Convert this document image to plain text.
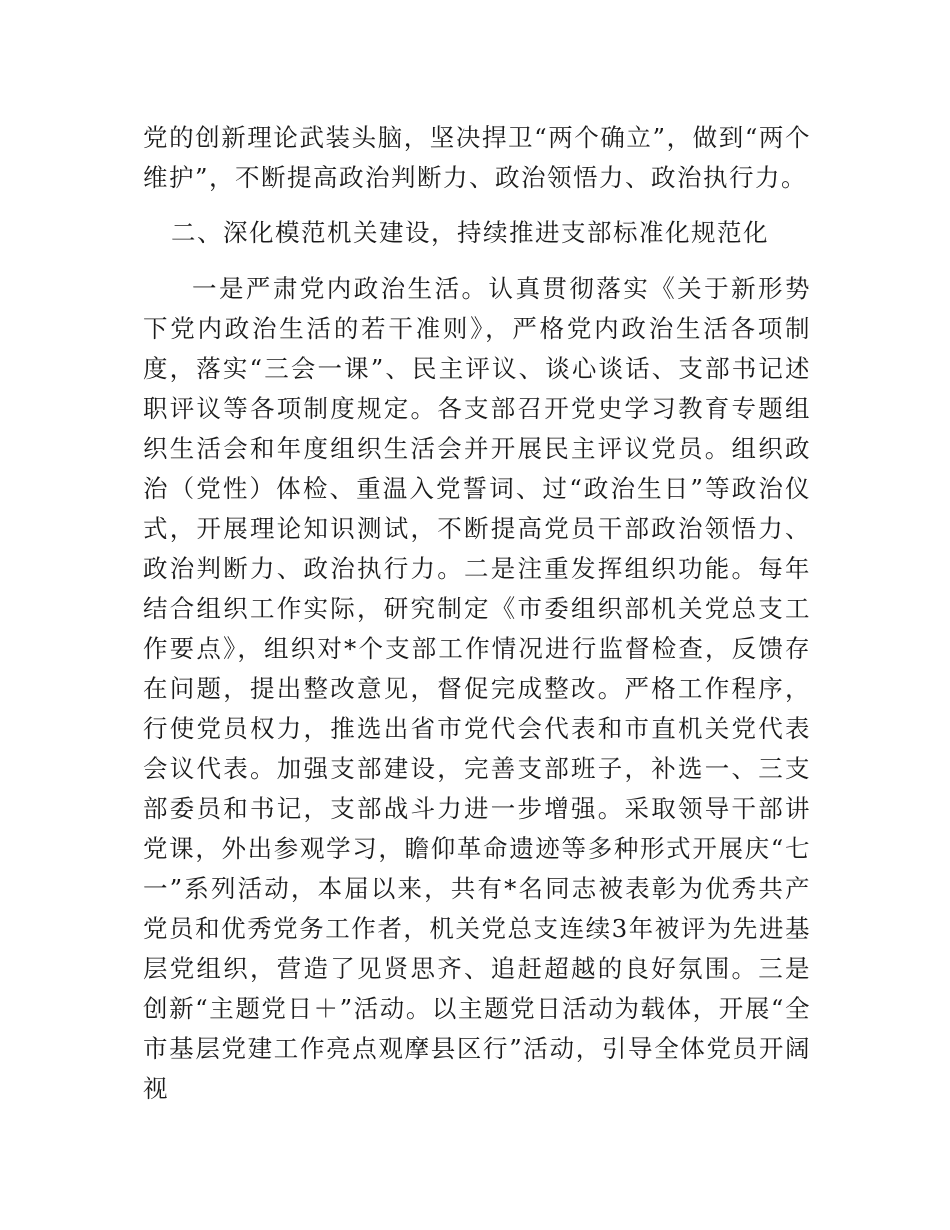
党的创新理论武装头脑，坚决捍卫“两个确立”，做到“两个维护”，不断提高政治判断力、政治领悟力、政治执行力。

二、深化模范机关建设，持续推进支部标准化规范化

一是严肃党内政治生活。认真贯彻落实《关于新形势下党内政治生活的若干准则》，严格党内政治生活各项制度，落实“三会一课”、民主评议、谈心谈话、支部书记述职评议等各项制度规定。各支部召开党史学习教育专题组织生活会和年度组织生活会并开展民主评议党员。组织政治（党性）体检、重温入党誓词、过“政治生日”等政治仪式，开展理论知识测试，不断提高党员干部政治领悟力、政治判断力、政治执行力。二是注重发挥组织功能。每年结合组织工作实际，研究制定《市委组织部机关党总支工作要点》，组织对*个支部工作情况进行监督检查，反馈存在问题，提出整改意见，督促完成整改。严格工作程序，行使党员权力，推选出省市党代会代表和市直机关党代表会议代表。加强支部建设，完善支部班子，补选一、三支部委员和书记，支部战斗力进一步增强。采取领导干部讲党课，外出参观学习，瞻仰革命遗迹等多种形式开展庆“七一”系列活动，本届以来，共有*名同志被表彰为优秀共产党员和优秀党务工作者，机关党总支连续3年被评为先进基层党组织，营造了见贤思齐、追赶超越的良好氛围。三是创新“主题党日＋”活动。以主题党日活动为载体，开展“全市基层党建工作亮点观摩县区行”活动，引导全体党员开阔视
